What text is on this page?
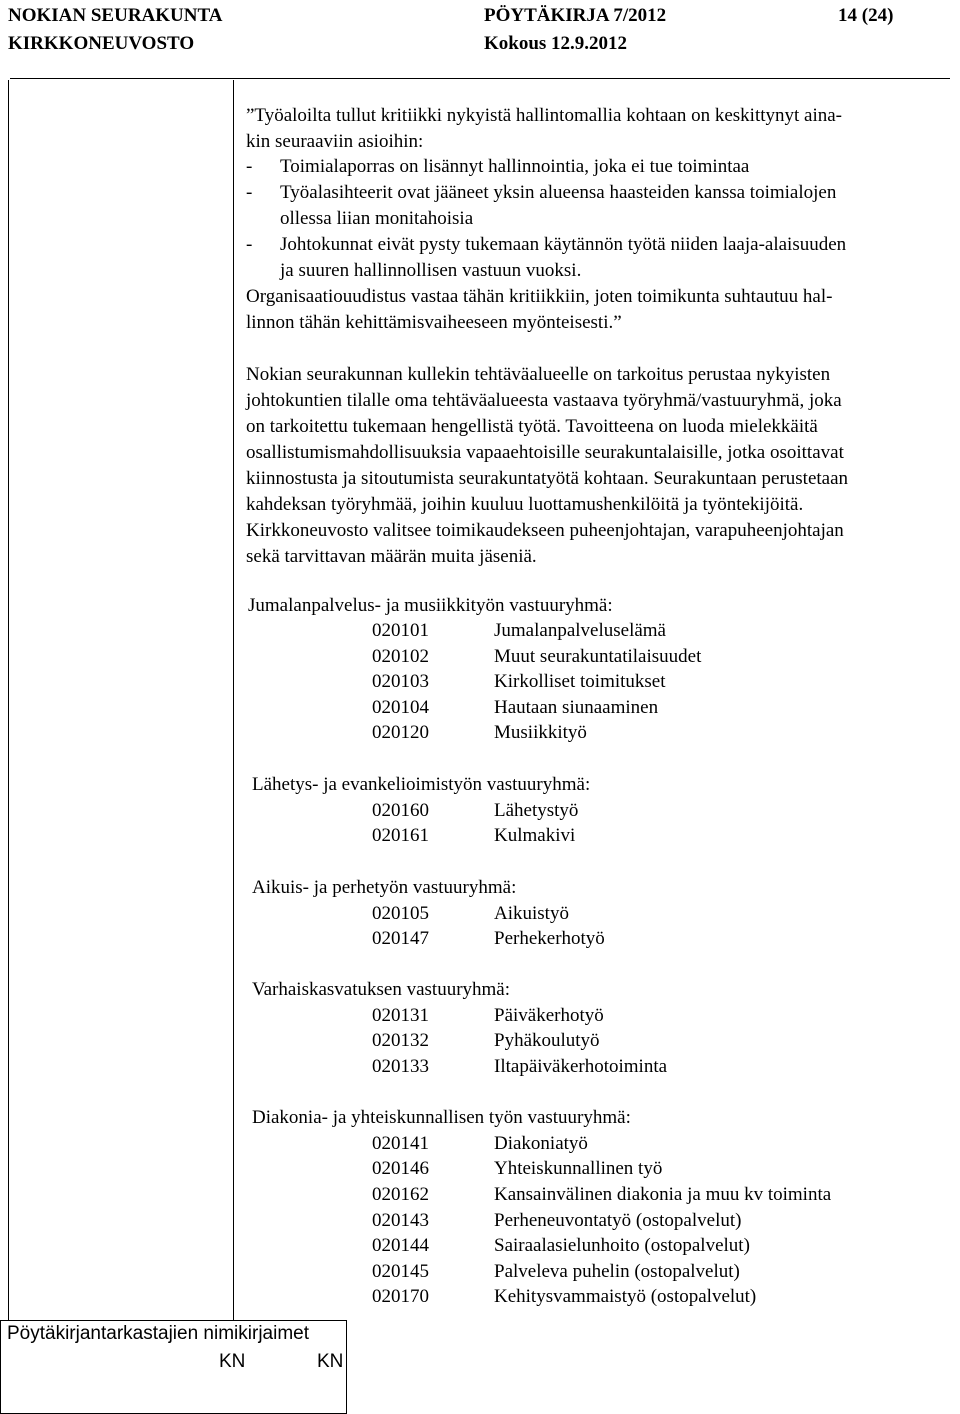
NOKIAN SEURAKUNTA
KIRKKONEUVOSTO
PÖYTÄKIRJA 7/2012
Kokous 12.9.2012
14 (24)
”Työaloilta tullut kritiikki nykyistä hallintomallia kohtaan on keskittynyt aina-
kin seuraaviin asioihin:
- Toimialaporras on lisännyt hallinnointia, joka ei tue toimintaa
- Työalasihteerit ovat jääneet yksin alueensa haasteiden kanssa toimialojen
ollessa liian monitahoisia
- Johtokunnat eivät pysty tukemaan käytännön työtä niiden laaja-alaisuuden
ja suuren hallinnollisen vastuun vuoksi.
Organisaatiouudistus vastaa tähän kritiikkiin, joten toimikunta suhtautuu hal-
linnon tähän kehittämisvaiheeseen myönteisesti.”
Nokian seurakunnan kullekin tehtäväalueelle on tarkoitus perustaa nykyisten
johtokuntien tilalle oma tehtäväalueesta vastaava työryhmä/vastuuryhmä, joka
on tarkoitettu tukemaan hengellistä työtä. Tavoitteena on luoda mielekkäitä
osallistumismahdollisuuksia vapaaehtoisille seurakuntalaisille, jotka osoittavat
kiinnostusta ja sitoutumista seurakuntatyötä kohtaan. Seurakuntaan perustetaan
kahdeksan työryhmää, joihin kuuluu luottamushenkilöitä ja työntekijöitä.
Kirkkoneuvosto valitsee toimikaudekseen puheenjohtajan, varapuheenjohtajan
sekä tarvittavan määrän muita jäseniä.
Jumalanpalvelus- ja musiikkityön vastuuryhmä:
020101	Jumalanpalveluselämä
020102	Muut seurakuntatilaisuudet
020103	Kirkolliset toimitukset
020104	Hautaan siunaaminen
020120	Musiikkityö
Lähetys- ja evankelioimistyön vastuuryhmä:
020160	Lähetystyö
020161	Kulmakivi
Aikuis- ja perhetyön vastuuryhmä:
020105	Aikuistyö
020147	Perhekerhotyö
Varhaiskasvatuksen vastuuryhmä:
020131	Päiväkerhotyö
020132	Pyhäkoulutyö
020133	Iltapäiväkerhotoiminta
Diakonia- ja yhteiskunnallisen työn vastuuryhmä:
020141	Diakoniatyö
020146	Yhteiskunnallinen työ
020162	Kansainvälinen diakonia ja muu kv toiminta
020143	Perheneuvontatyö (ostopalvelut)
020144	Sairaalasielunhoito (ostopalvelut)
020145	Palveleva puhelin (ostopalvelut)
020170	Kehitysvammaistyö (ostopalvelut)
Pöytäkirjantarkastajien nimikirjaimet
KN	KN
